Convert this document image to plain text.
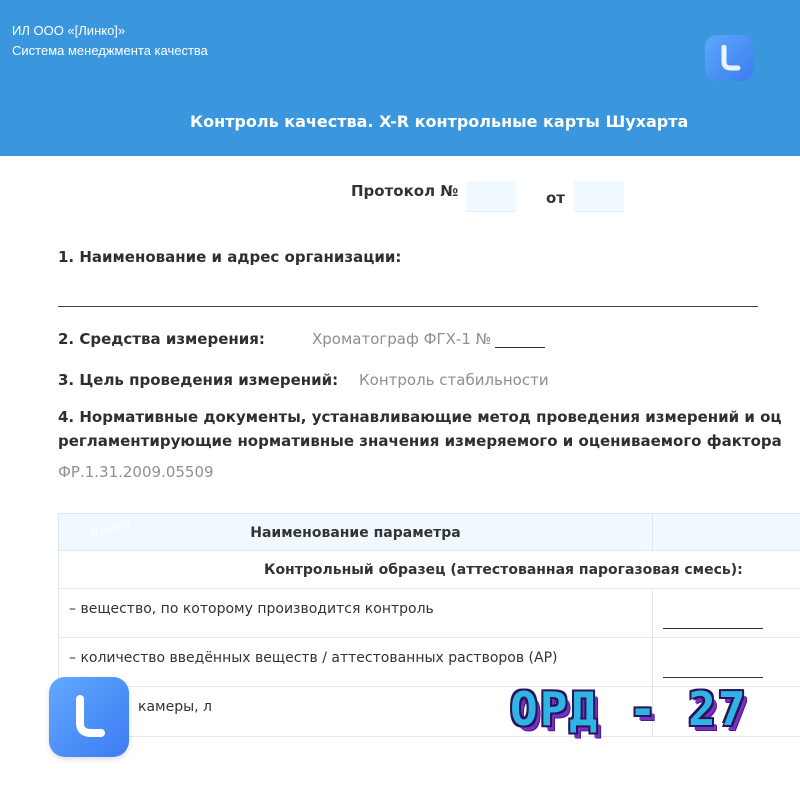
ИЛ ООО «[Линко]»
Система менеджмента качества
Контроль качества. X-R контрольные карты Шухарта
Протокол №	от
1. Наименование и адрес организации:
2. Средства измерения:	Хроматограф ФГХ-1 №
3. Цель проведения измерений: Контроль стабильности
4. Нормативные документы, устанавливающие метод проведения измерений и оц
регламентирующие нормативные значения измеряемого и оцениваемого фактора
ФР.1.31.2009.05509
Линко	Наименование параметра
Контрольный образец (аттестованная парогазовая смесь):
– вещество, по которому производится контроль
– количество введённых веществ / аттестованных растворов (АР)
камеры, л	ОРД - 27
